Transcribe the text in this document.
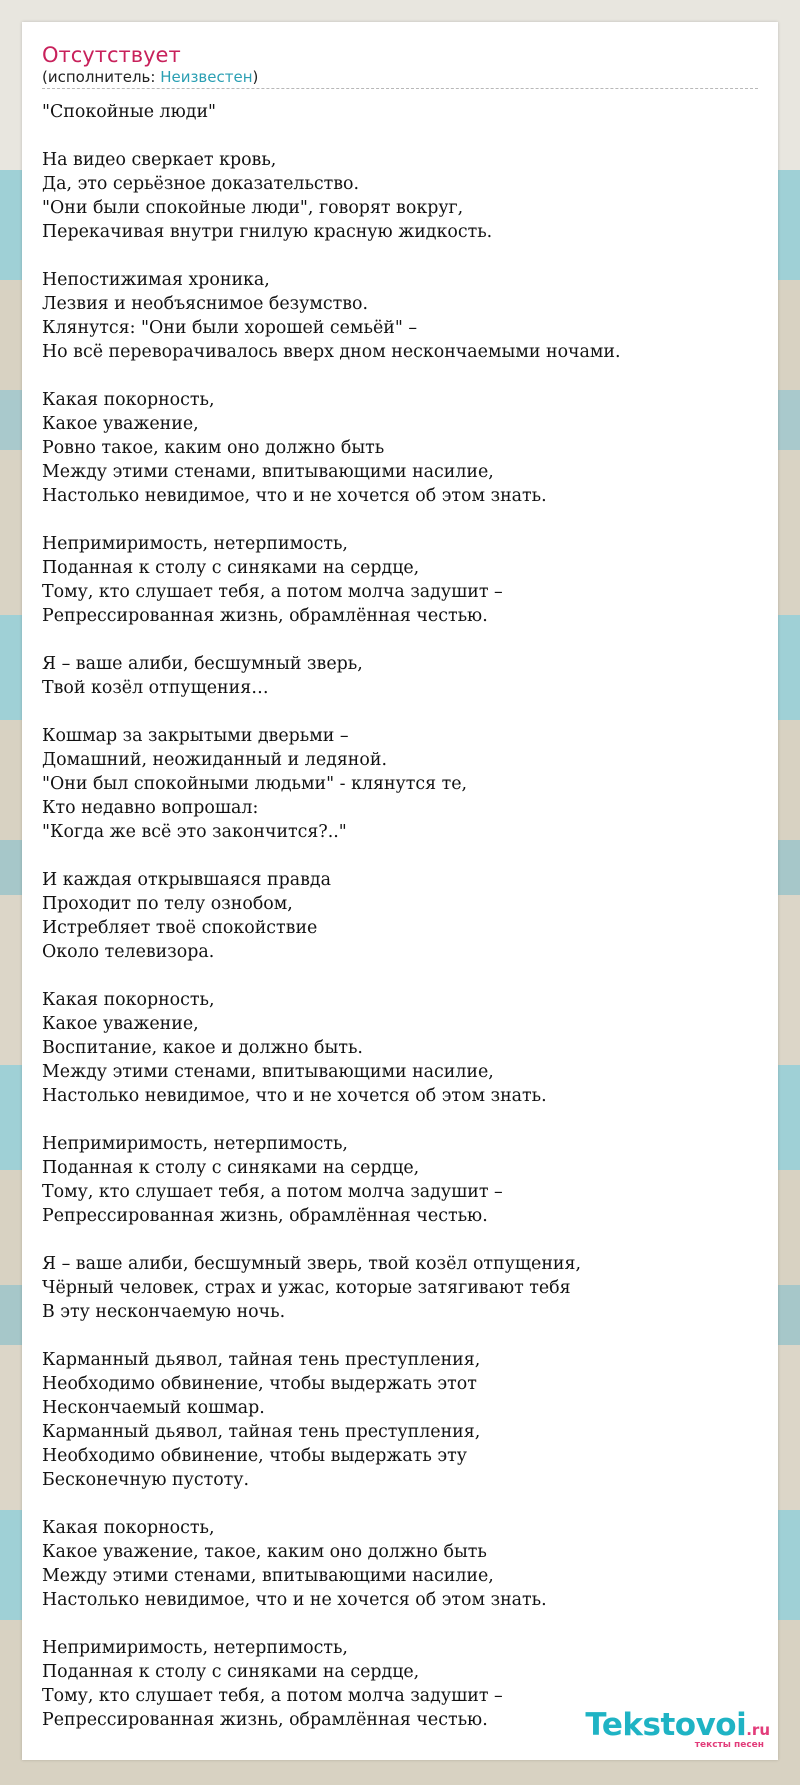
Отсутствует
(исполнитель: Неизвестен)
"Спокойные люди"
На видео сверкает кровь,
Да, это серьёзное доказательство.
"Они были спокойные люди", говорят вокруг,
Перекачивая внутри гнилую красную жидкость.
Непостижимая хроника,
Лезвия и необъяснимое безумство.
Клянутся: "Они были хорошей семьёй" –
Но всё переворачивалось вверх дном нескончаемыми ночами.
Какая покорность,
Какое уважение,
Ровно такое, каким оно должно быть
Между этими стенами, впитывающими насилие,
Настолько невидимое, что и не хочется об этом знать.
Непримиримость, нетерпимость,
Поданная к столу с синяками на сердце,
Тому, кто слушает тебя, а потом молча задушит –
Репрессированная жизнь, обрамлённая честью.
Я – ваше алиби, бесшумный зверь,
Твой козёл отпущения…
Кошмар за закрытыми дверьми –
Домашний, неожиданный и ледяной.
"Они был спокойными людьми" - клянутся те,
Кто недавно вопрошал:
"Когда же всё это закончится?.."
И каждая открывшаяся правда
Проходит по телу ознобом,
Истребляет твоё спокойствие
Около телевизора.
Какая покорность,
Какое уважение,
Воспитание, какое и должно быть.
Между этими стенами, впитывающими насилие,
Настолько невидимое, что и не хочется об этом знать.
Непримиримость, нетерпимость,
Поданная к столу с синяками на сердце,
Тому, кто слушает тебя, а потом молча задушит –
Репрессированная жизнь, обрамлённая честью.
Я – ваше алиби, бесшумный зверь, твой козёл отпущения,
Чёрный человек, страх и ужас, которые затягивают тебя
В эту нескончаемую ночь.
Карманный дьявол, тайная тень преступления,
Необходимо обвинение, чтобы выдержать этот
Нескончаемый кошмар.
Карманный дьявол, тайная тень преступления,
Необходимо обвинение, чтобы выдержать эту
Бесконечную пустоту.
Какая покорность,
Какое уважение, такое, каким оно должно быть
Между этими стенами, впитывающими насилие,
Настолько невидимое, что и не хочется об этом знать.
Непримиримость, нетерпимость,
Поданная к столу с синяками на сердце,
Тому, кто слушает тебя, а потом молча задушит –
Репрессированная жизнь, обрамлённая честью.	Tekstovoi.ru
тексты песен
